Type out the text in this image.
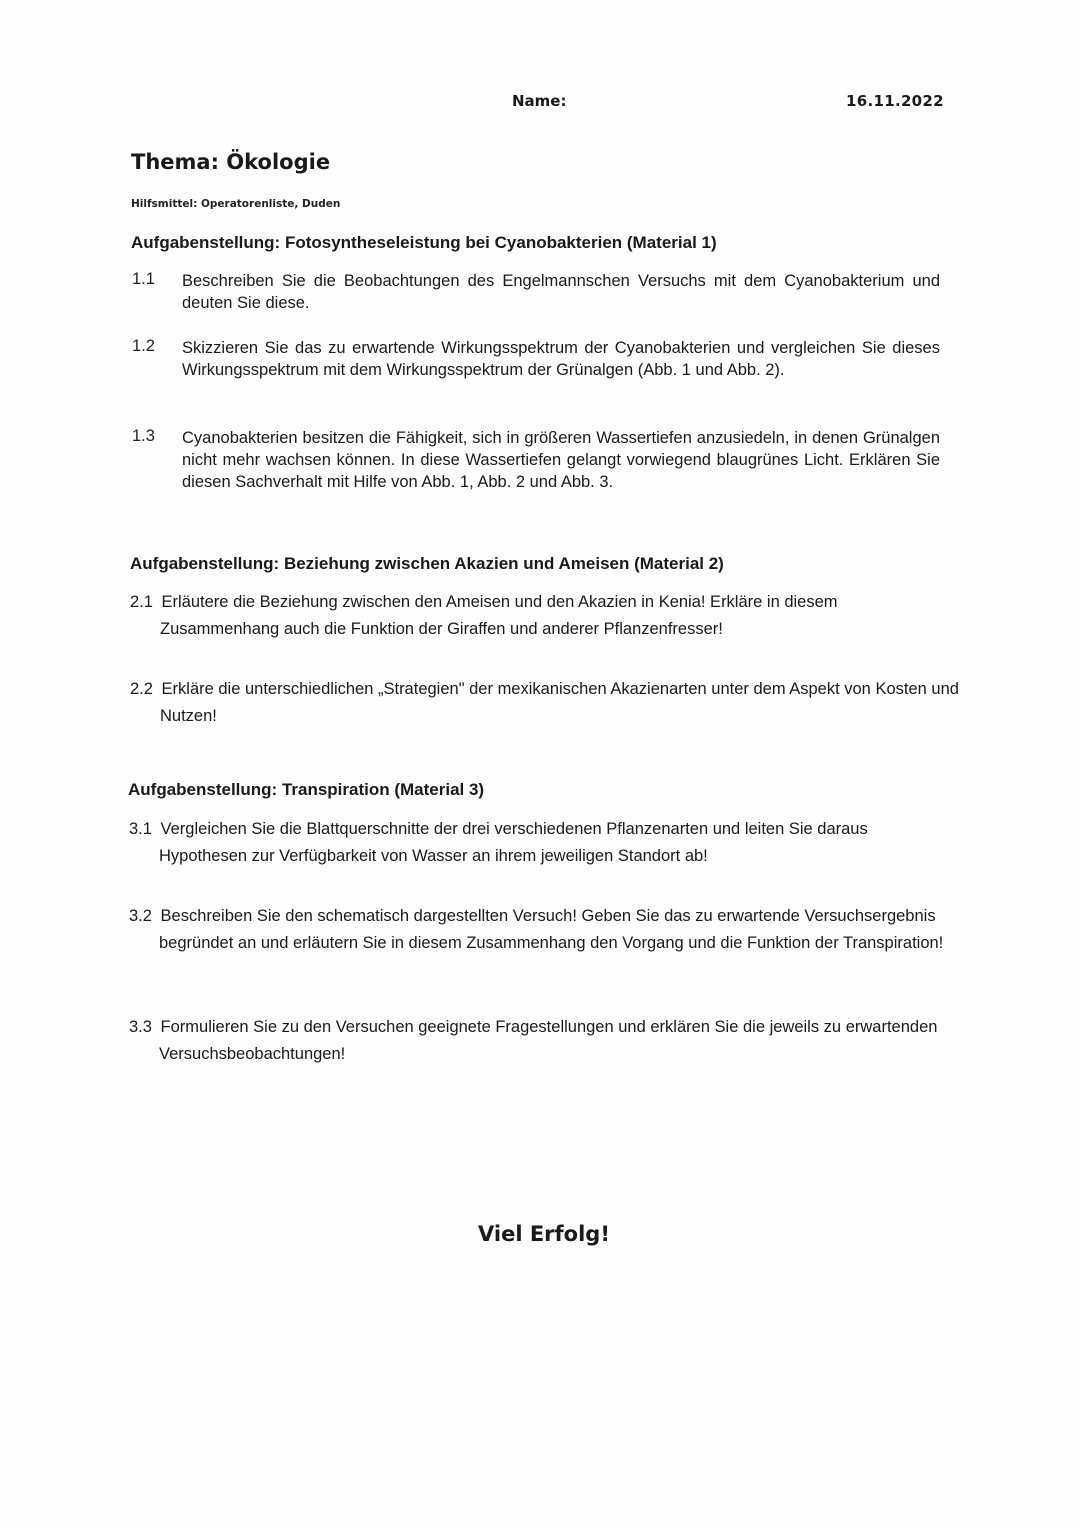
Name:	16.11.2022
Thema: Ökologie
Hilfsmittel: Operatorenliste, Duden
Aufgabenstellung: Fotosyntheseleistung bei Cyanobakterien (Material 1)
1.1 Beschreiben Sie die Beobachtungen des Engelmannschen Versuchs mit dem Cyanobakterium und deuten Sie diese.
1.2 Skizzieren Sie das zu erwartende Wirkungsspektrum der Cyanobakterien und vergleichen Sie dieses Wirkungsspektrum mit dem Wirkungsspektrum der Grünalgen (Abb. 1 und Abb. 2).
1.3 Cyanobakterien besitzen die Fähigkeit, sich in größeren Wassertiefen anzusiedeln, in denen Grünalgen nicht mehr wachsen können. In diese Wassertiefen gelangt vorwiegend blaugrünes Licht. Erklären Sie diesen Sachverhalt mit Hilfe von Abb. 1, Abb. 2 und Abb. 3.
Aufgabenstellung: Beziehung zwischen Akazien und Ameisen (Material 2)
2.1 Erläutere die Beziehung zwischen den Ameisen und den Akazien in Kenia! Erkläre in diesem Zusammenhang auch die Funktion der Giraffen und anderer Pflanzenfresser!
2.2 Erkläre die unterschiedlichen „Strategien" der mexikanischen Akazienarten unter dem Aspekt von Kosten und Nutzen!
Aufgabenstellung: Transpiration (Material 3)
3.1 Vergleichen Sie die Blattquerschnitte der drei verschiedenen Pflanzenarten und leiten Sie daraus Hypothesen zur Verfügbarkeit von Wasser an ihrem jeweiligen Standort ab!
3.2 Beschreiben Sie den schematisch dargestellten Versuch! Geben Sie das zu erwartende Versuchsergebnis begründet an und erläutern Sie in diesem Zusammenhang den Vorgang und die Funktion der Transpiration!
3.3 Formulieren Sie zu den Versuchen geeignete Fragestellungen und erklären Sie die jeweils zu erwartenden Versuchsbeobachtungen!
Viel Erfolg!
